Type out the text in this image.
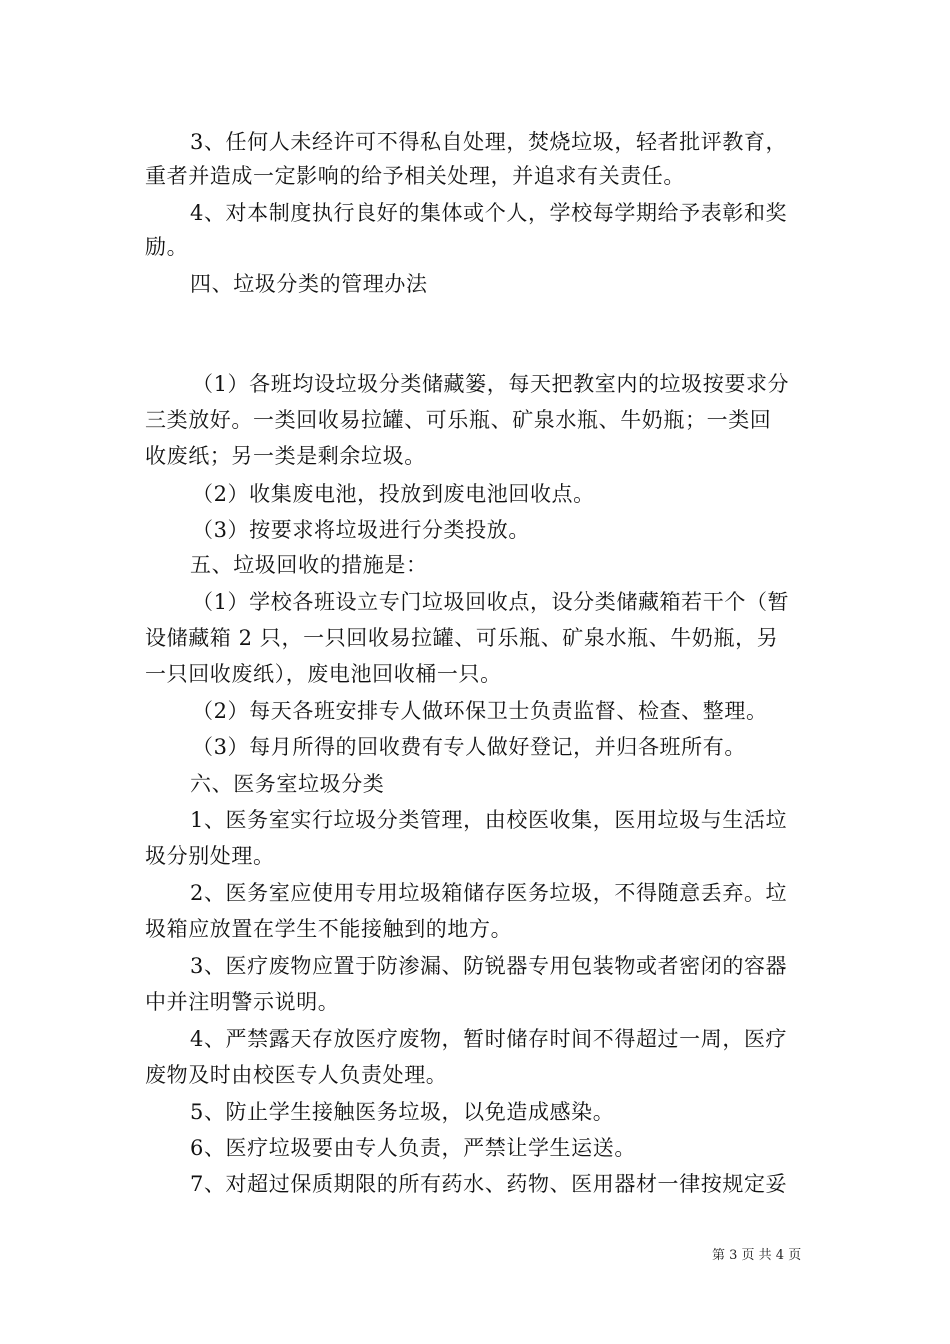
3、任何人未经许可不得私自处理，焚烧垃圾，轻者批评教育，
重者并造成一定影响的给予相关处理，并追求有关责任。
4、对本制度执行良好的集体或个人，学校每学期给予表彰和奖
励。
四、垃圾分类的管理办法
（1）各班均设垃圾分类储藏篓，每天把教室内的垃圾按要求分
三类放好。一类回收易拉罐、可乐瓶、矿泉水瓶、牛奶瓶；一类回
收废纸；另一类是剩余垃圾。
（2）收集废电池，投放到废电池回收点。
（3）按要求将垃圾进行分类投放。
五、垃圾回收的措施是：
（1）学校各班设立专门垃圾回收点，设分类储藏箱若干个（暂
设储藏箱 2 只，一只回收易拉罐、可乐瓶、矿泉水瓶、牛奶瓶，另
一只回收废纸），废电池回收桶一只。
（2）每天各班安排专人做环保卫士负责监督、检查、整理。
（3）每月所得的回收费有专人做好登记，并归各班所有。
六、医务室垃圾分类
1、医务室实行垃圾分类管理，由校医收集，医用垃圾与生活垃
圾分别处理。
2、医务室应使用专用垃圾箱储存医务垃圾，不得随意丢弃。垃
圾箱应放置在学生不能接触到的地方。
3、医疗废物应置于防渗漏、防锐器专用包装物或者密闭的容器
中并注明警示说明。
4、严禁露天存放医疗废物，暂时储存时间不得超过一周，医疗
废物及时由校医专人负责处理。
5、防止学生接触医务垃圾，以免造成感染。
6、医疗垃圾要由专人负责，严禁让学生运送。
7、对超过保质期限的所有药水、药物、医用器材一律按规定妥
第 3 页 共 4 页
